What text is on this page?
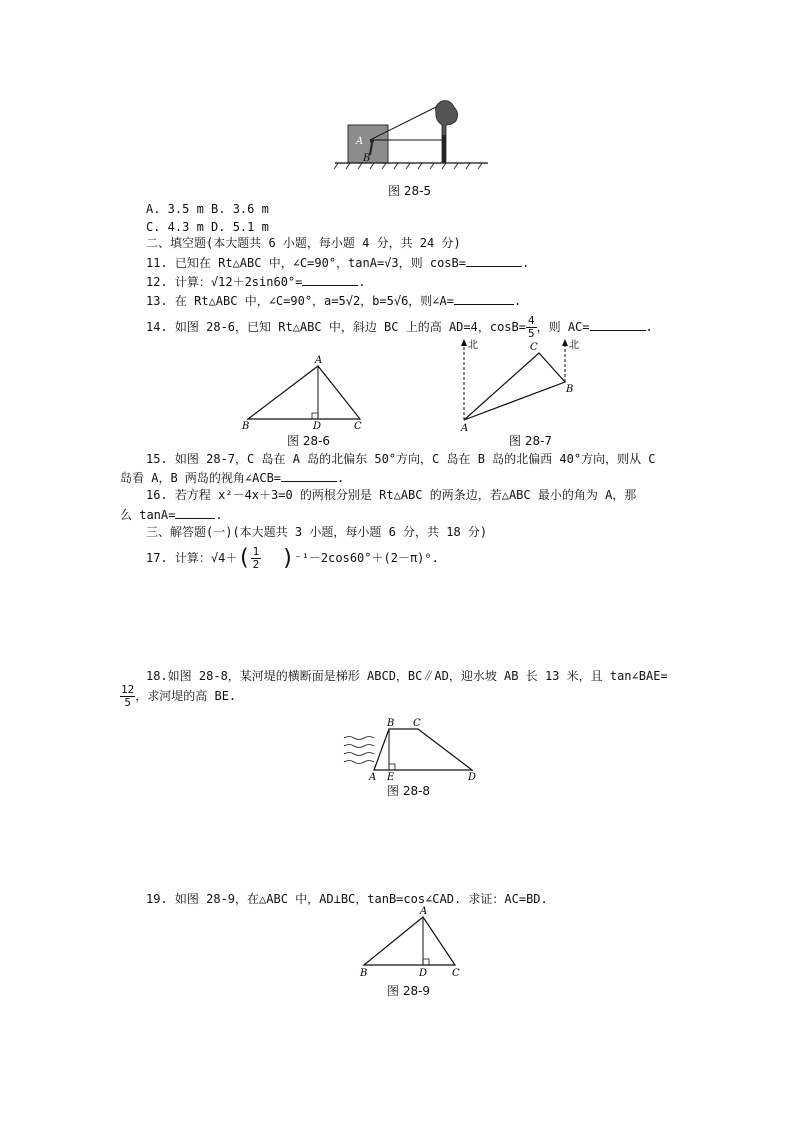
A
B
图 28-5
A. 3.5 m B. 3.6 m
C. 4.3 m D. 5.1 m
二、填空题(本大题共 6 小题，每小题 4 分，共 24 分)
11. 已知在 Rt△ABC 中，∠C=90°，tanA=√3，则 cosB=	.
12. 计算：√12＋2sin60°=	.
13. 在 Rt△ABC 中，∠C=90°，a=5√2，b=5√6，则∠A=	.
14. 如图 28-6，已知 Rt△ABC 中，斜边 BC 上的高 AD=4，$\cos B= \frac{4}{5}$ ，则 AC=	.
A
B	C
D
图 28-6
北	北
A
B
C
图 28-7
15. 如图 28-7，C 岛在 A 岛的北偏东 50°方向，C 岛在 B 岛的北偏西 40°方向，则从 C
岛看 A，B 两岛的视角∠ACB=	.
16. 若方程 x²－4x＋3=0 的两根分别是 Rt△ABC 的两条边，若△ABC 最小的角为 A，那
么 tanA=	.
三、解答题(一)(本大题共 3 小题，每小题 6 分，共 18 分)
17. 计算：$√4+( \frac{1}{2} )^{-1}-2\cos 60^\circ+(2-\pi)^0$.
18.如图 28-8，某河堤的横断面是梯形 ABCD，BC∥AD，迎水坡 AB 长 13 米，且 tan∠BAE=
$\frac{12}{5}$ ，求河堤的高 BE.
B C
A E	D
图 28-8
19. 如图 28-9，在△ABC 中，AD⊥BC，tanB=cos∠CAD. 求证：AC=BD.
A
B	C
D
图 28-9
